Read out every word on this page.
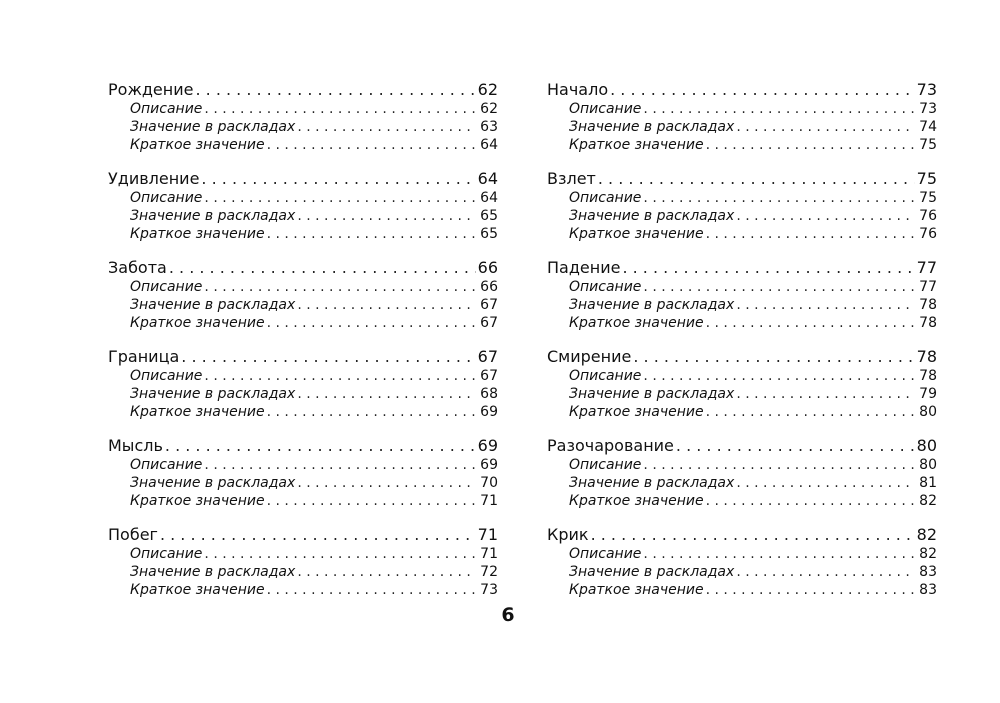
Рождение . . .	62
Описание . . .	62
Значение в раскладах . . .	63
Краткое значение . . .	64
Удивление . . .	64
Описание . . .	64
Значение в раскладах . . .	65
Краткое значение . . .	65
Забота . . .	66
Описание . . .	66
Значение в раскладах . . .	67
Краткое значение . . .	67
Граница . . .	67
Описание . . .	67
Значение в раскладах . . .	68
Краткое значение . . .	69
Мысль . . .	69
Описание . . .	69
Значение в раскладах . . .	70
Краткое значение . . .	71
Побег . . .	71
Описание . . .	71
Значение в раскладах . . .	72
Краткое значение . . .	73
Начало . . .	73
Описание . . .	73
Значение в раскладах . . .	74
Краткое значение . . .	75
Взлет . . .	75
Описание . . .	75
Значение в раскладах . . .	76
Краткое значение . . .	76
Падение . . .	77
Описание . . .	77
Значение в раскладах . . .	78
Краткое значение . . .	78
Смирение . . .	78
Описание . . .	78
Значение в раскладах . . .	79
Краткое значение . . .	80
Разочарование . . .	80
Описание . . .	80
Значение в раскладах . . .	81
Краткое значение . . .	82
Крик . . .	82
Описание . . .	82
Значение в раскладах . . .	83
Краткое значение . . .	83
6
